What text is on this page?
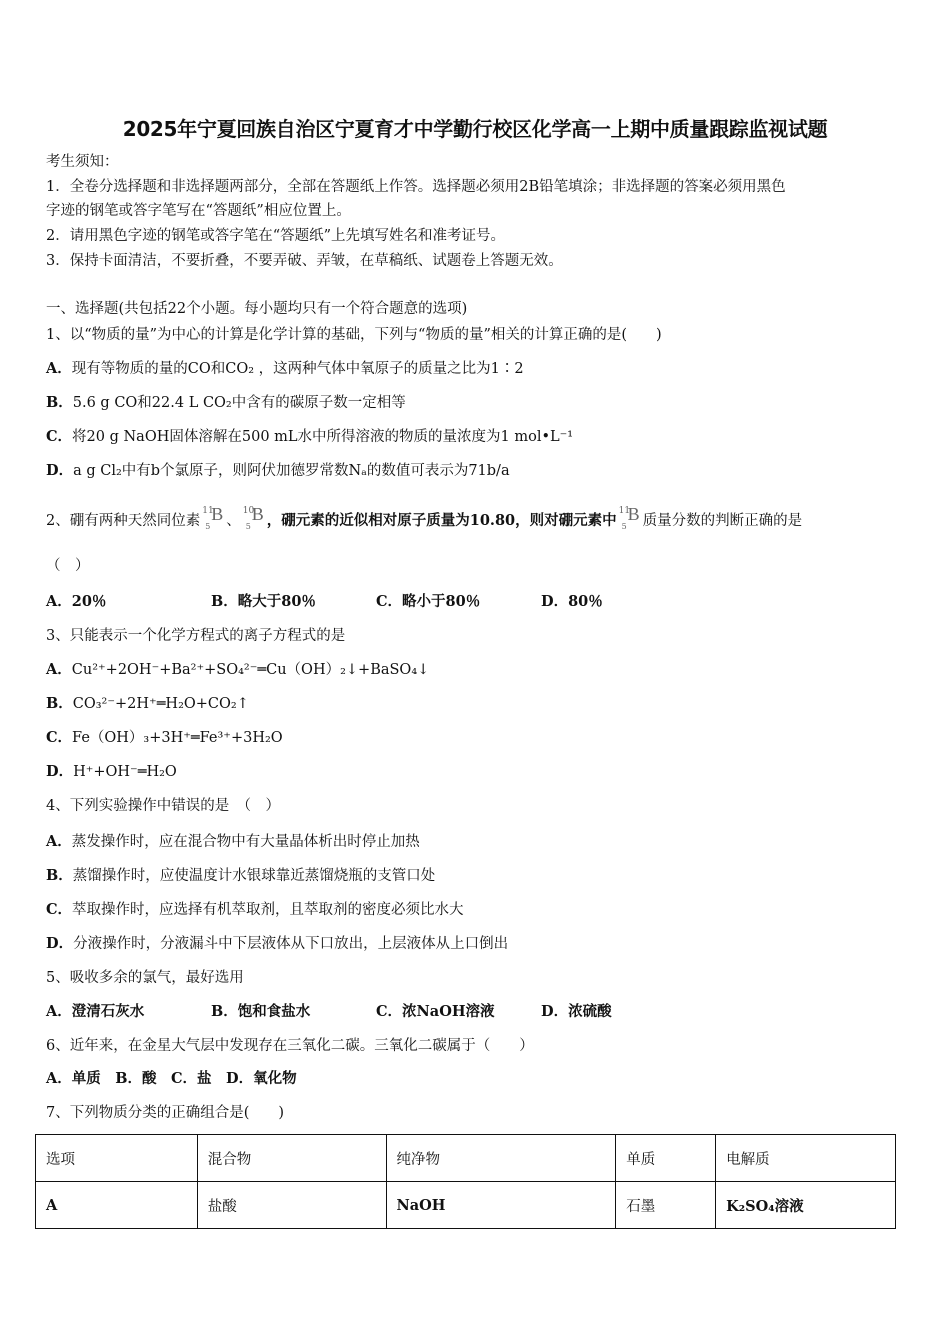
2025年宁夏回族自治区宁夏育才中学勤行校区化学高一上期中质量跟踪监视试题
考生须知：
1．全卷分选择题和非选择题两部分，全部在答题纸上作答。选择题必须用2B铅笔填涂；非选择题的答案必须用黑色
字迹的钢笔或答字笔写在“答题纸”相应位置上。
2．请用黑色字迹的钢笔或答字笔在“答题纸”上先填写姓名和准考证号。
3．保持卡面清洁，不要折叠，不要弄破、弄皱，在草稿纸、试题卷上答题无效。
一、选择题(共包括22个小题。每小题均只有一个符合题意的选项)
1、以“物质的量”为中心的计算是化学计算的基础，下列与“物质的量”相关的计算正确的是(　　)
A．现有等物质的量的CO和CO₂ ，这两种气体中氧原子的质量之比为1∶2
B．5.6 g CO和22.4 L CO₂中含有的碳原子数一定相等
C．将20 g NaOH固体溶解在500 mL水中所得溶液的物质的量浓度为1 mol•L⁻¹
D．a g Cl₂中有b个氯原子，则阿伏加德罗常数Nₐ的数值可表示为71b/a
2、硼有两种天然同位素
11
5
B 、
10
5
B ，硼元素的近似相对原子质量为10.80，则对硼元素中
11
5
B 质量分数的判断正确的是
（　）
A．20％	B．略大于80％	C．略小于80％	D．80％
3、只能表示一个化学方程式的离子方程式的是
A．Cu²⁺+2OH⁻+Ba²⁺+SO₄²⁻═Cu（OH）₂↓+BaSO₄↓
B．CO₃²⁻+2H⁺═H₂O+CO₂↑
C．Fe（OH）₃+3H⁺═Fe³⁺+3H₂O
D．H⁺+OH⁻═H₂O
4、下列实验操作中错误的是　（　）
A．蒸发操作时，应在混合物中有大量晶体析出时停止加热
B．蒸馏操作时，应使温度计水银球靠近蒸馏烧瓶的支管口处
C．萃取操作时，应选择有机萃取剂，且萃取剂的密度必须比水大
D．分液操作时，分液漏斗中下层液体从下口放出，上层液体从上口倒出
5、吸收多余的氯气，最好选用
A．澄清石灰水	B．饱和食盐水	C．浓NaOH溶液	D．浓硫酸
6、近年来，在金星大气层中发现存在三氧化二碳。三氧化二碳属于（　　）
A．单质　B．酸　C．盐　D．氧化物
7、下列物质分类的正确组合是(　　)
选项	混合物	纯净物	单质	电解质
A	盐酸	NaOH	石墨	K₂SO₄溶液
